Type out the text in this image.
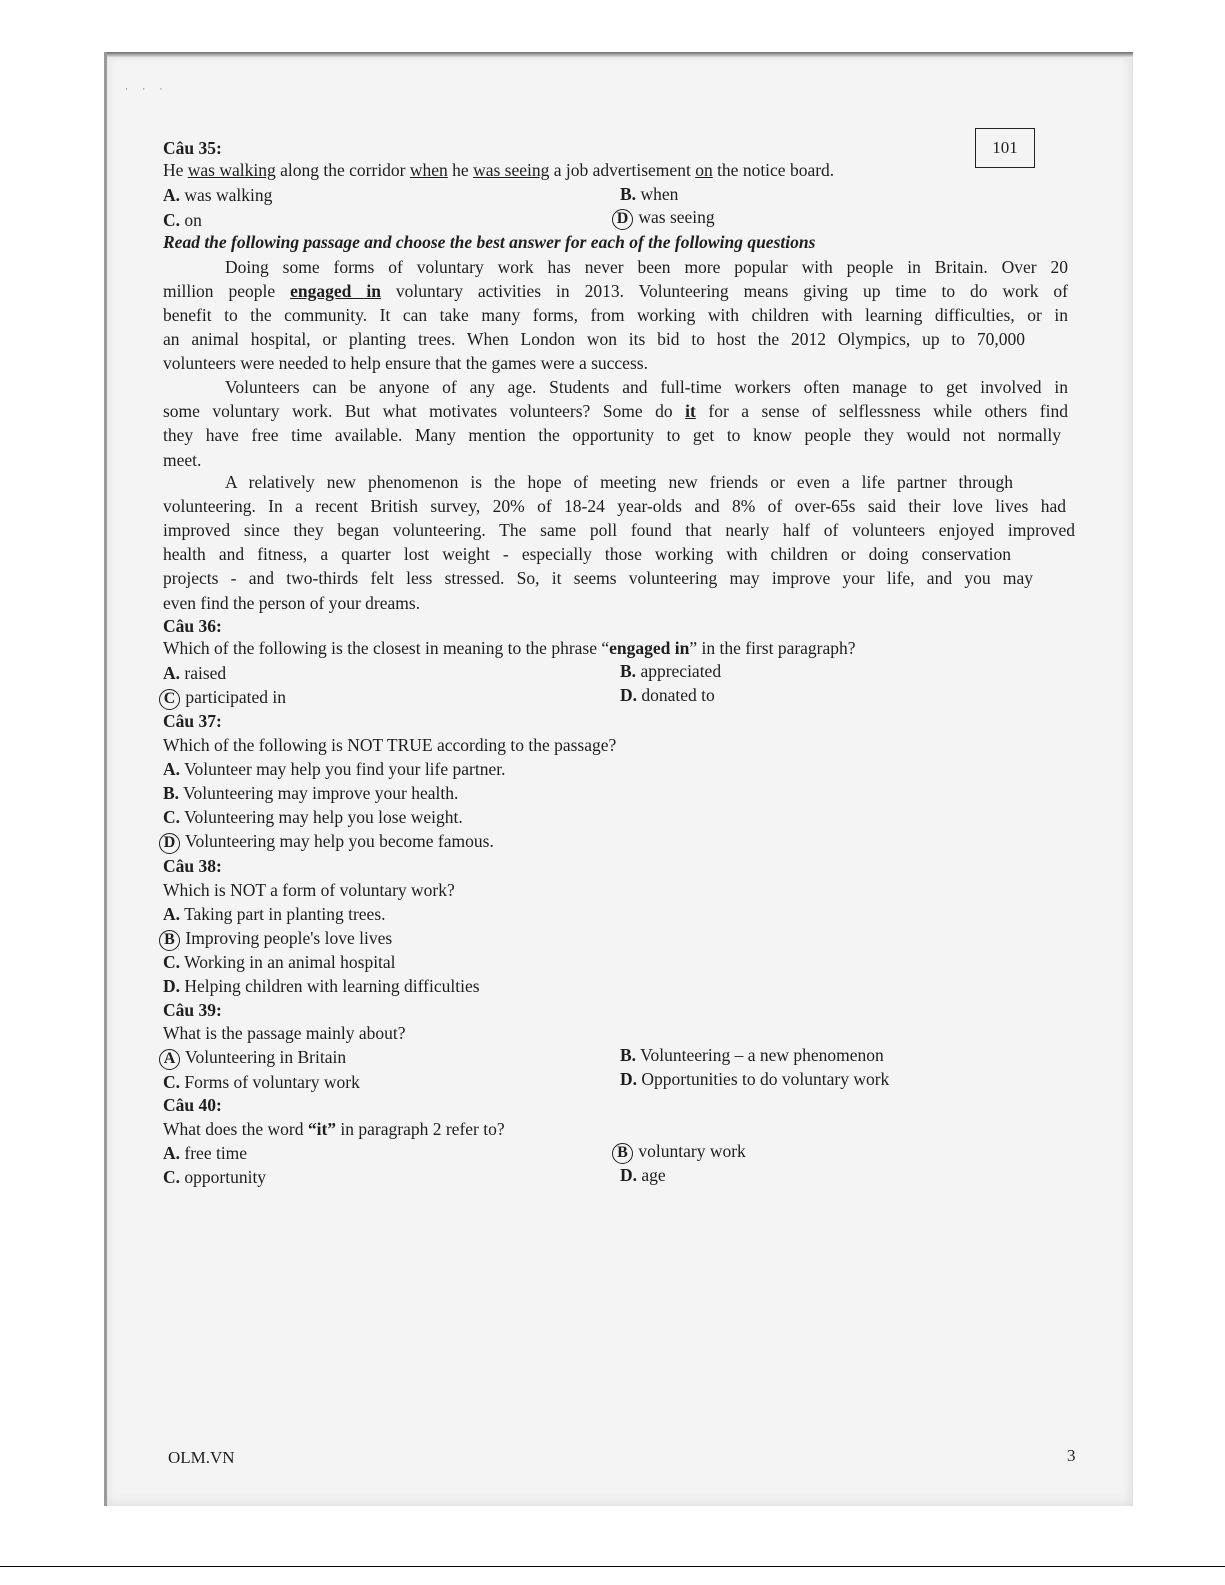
· · ·
101
Câu 35:
He was walking along the corridor when he was seeing a job advertisement on the notice board.
A. was walking	B. when
C. on	D was seeing
Read the following passage and choose the best answer for each of the following questions
Doing some forms of voluntary work has never been more popular with people in Britain. Over 20
million people engaged in voluntary activities in 2013. Volunteering means giving up time to do work of
benefit to the community. It can take many forms, from working with children with learning difficulties, or in
an animal hospital, or planting trees. When London won its bid to host the 2012 Olympics, up to 70,000
volunteers were needed to help ensure that the games were a success.
Volunteers can be anyone of any age. Students and full-time workers often manage to get involved in
some voluntary work. But what motivates volunteers? Some do it for a sense of selflessness while others find
they have free time available. Many mention the opportunity to get to know people they would not normally
meet.
A relatively new phenomenon is the hope of meeting new friends or even a life partner through
volunteering. In a recent British survey, 20% of 18-24 year-olds and 8% of over-65s said their love lives had
improved since they began volunteering. The same poll found that nearly half of volunteers enjoyed improved
health and fitness, a quarter lost weight - especially those working with children or doing conservation
projects - and two-thirds felt less stressed. So, it seems volunteering may improve your life, and you may
even find the person of your dreams.
Câu 36:
Which of the following is the closest in meaning to the phrase “engaged in” in the first paragraph?
A. raised	B. appreciated
C participated in	D. donated to
Câu 37:
Which of the following is NOT TRUE according to the passage?
A. Volunteer may help you find your life partner.
B. Volunteering may improve your health.
C. Volunteering may help you lose weight.
D Volunteering may help you become famous.
Câu 38:
Which is NOT a form of voluntary work?
A. Taking part in planting trees.
B Improving people's love lives
C. Working in an animal hospital
D. Helping children with learning difficulties
Câu 39:
What is the passage mainly about?
A Volunteering in Britain	B. Volunteering – a new phenomenon
C. Forms of voluntary work	D. Opportunities to do voluntary work
Câu 40:
What does the word “it” in paragraph 2 refer to?
A. free time	B voluntary work
C. opportunity	D. age
OLM.VN	3
